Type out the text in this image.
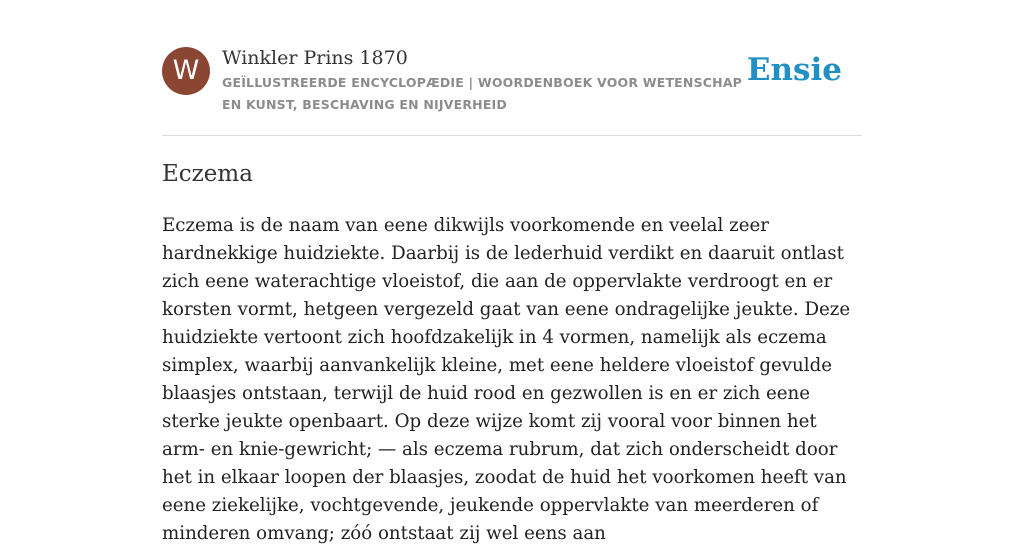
W	Winkler Prins 1870
GEÏLLUSTREERDE ENCYCLOPÆDIE | WOORDENBOEK VOOR WETENSCHAP EN KUNST, BESCHAVING EN NIJVERHEID
Ensie
Eczema

Eczema is de naam van eene dikwijls voorkomende en veelal zeer hardnekkige huidziekte. Daarbij is de lederhuid verdikt en daaruit ontlast zich eene waterachtige vloeistof, die aan de oppervlakte verdroogt en er korsten vormt, hetgeen vergezeld gaat van eene ondragelijke jeukte. Deze huidziekte vertoont zich hoofdzakelijk in 4 vormen, namelijk als eczema simplex, waarbij aanvankelijk kleine, met eene heldere vloeistof gevulde blaasjes ontstaan, terwijl de huid rood en gezwollen is en er zich eene sterke jeukte openbaart. Op deze wijze komt zij vooral voor binnen het arm- en knie-gewricht; — als eczema rubrum, dat zich onderscheidt door het in elkaar loopen der blaasjes, zoodat de huid het voorkomen heeft van eene ziekelijke, vochtgevende, jeukende oppervlakte van meerderen of minderen omvang; zóó ontstaat zij wel eens aan
